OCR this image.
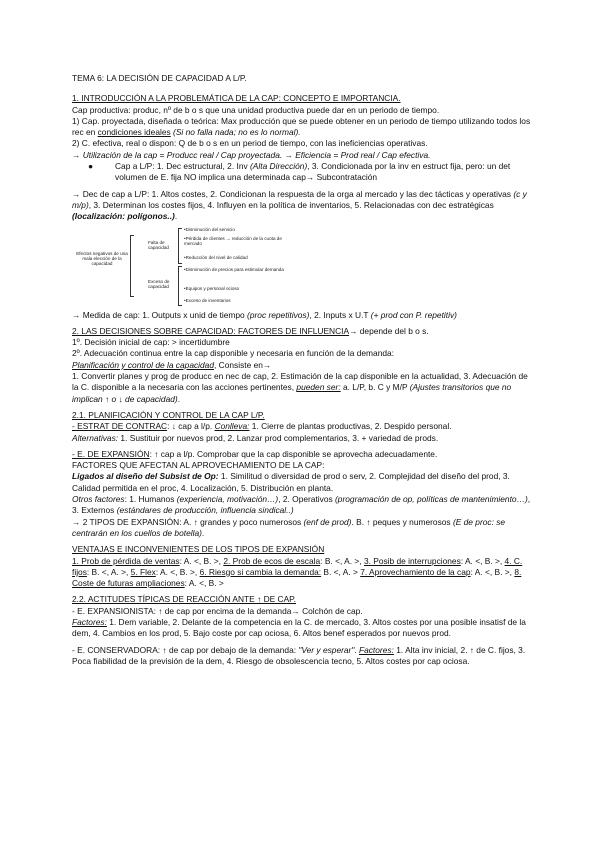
TEMA 6: LA DECISIÓN DE CAPACIDAD A L/P.

1. INTRODUCCIÓN A LA PROBLEMÁTICA DE LA CAP: CONCEPTO E IMPORTANCIA.

Cap productiva: produc, nº de b o s que una unidad productiva puede dar en un periodo de tiempo.

1) Cap. proyectada, diseñada o teórica: Max producción que se puede obtener en un periodo de tiempo utilizando todos los rec en condiciones ideales (Si no falla nada; no es lo normal).

2) C. efectiva, real o dispon: Q de b o s en un period de tiempo, con las ineficiencias operativas.

→ Utilización de la cap = Producc real / Cap proyectada. → Eficiencia = Prod real / Cap efectiva.

●	Cap a L/P: 1. Dec estructural, 2. Inv (Alta Dirección), 3. Condicionada por la inv en estruct fija, pero: un det volumen de E. fija NO implica una determinada cap→ Subcontratación

→ Dec de cap a L/P: 1. Altos costes, 2. Condicionan la respuesta de la orga al mercado y las dec tácticas y operativas (c y m/p), 3. Determinan los costes fijos, 4. Influyen en la política de inventarios, 5. Relacionadas con dec estratégicas (localización: polígonos..).

Efectos negativos de una mala elección de la capacidad
Falta de capacidad
•Disminución del servicio
•Pérdida de clientes → reducción de la cuota de mercado
•Reducción del nivel de calidad
Exceso de capacidad
•Disminución de precios para estimular demanda
•Equipos y personal ocioso
•Exceso de inventarios

→ Medida de cap: 1. Outputs x unid de tiempo (proc repetitivos), 2. Inputs x U.T (+ prod con P. repetitiv)

2. LAS DECISIONES SOBRE CAPACIDAD: FACTORES DE INFLUENCIA→ depende del b o s.

1º. Decisión inicial de cap: > incertidumbre

2º. Adecuación continua entre la cap disponible y necesaria en función de la demanda:

Planificación y control de la capacidad, Consiste en→

1. Convertir planes y prog de producc en nec de cap, 2. Estimación de la cap disponible en la actualidad, 3. Adecuación de la C. disponible a la necesaria con las acciones pertinentes, pueden ser: a. L/P, b. C y M/P (Ajustes transitorios que no implican ↑ o ↓ de capacidad).

2.1. PLANIFICACIÓN Y CONTROL DE LA CAP L/P.

- ESTRAT DE CONTRAC: ↓ cap a l/p. Conlleva: 1. Cierre de plantas productivas, 2. Despido personal.

Alternativas: 1. Sustituir por nuevos prod, 2. Lanzar prod complementarios, 3. + variedad de prods.

- E. DE EXPANSIÓN: ↑ cap a l/p. Comprobar que la cap disponible se aprovecha adecuadamente.

FACTORES QUE AFECTAN AL APROVECHAMIENTO DE LA CAP:

Ligados al diseño del Subsist de Op: 1. Similitud o diversidad de prod o serv, 2. Complejidad del diseño del prod, 3. Calidad permitida en el proc, 4. Localización, 5. Distribución en planta.

Otros factores: 1. Humanos (experiencia, motivación…), 2. Operativos (programación de op, políticas de mantenimiento…), 3. Externos (estándares de producción, influencia sindical..)

→ 2 TIPOS DE EXPANSIÓN: A. ↑ grandes y poco numerosos (enf de prod). B. ↑ peques y numerosos (E de proc: se centrarán en los cuellos de botella).

VENTAJAS E INCONVENIENTES DE LOS TIPOS DE EXPANSIÓN

1. Prob de pérdida de ventas: A. <, B. >, 2. Prob de ecos de escala: B. <, A. >, 3. Posib de interrupciones: A. <, B. >, 4. C. fijos: B. <, A. >, 5. Flex: A. <, B. >, 6. Riesgo si cambia la demanda: B. <, A. > 7. Aprovechamiento de la cap: A. <, B. >, 8. Coste de futuras ampliaciones: A. <, B. >

2.2. ACTITUDES TÍPICAS DE REACCIÓN ANTE ↑ DE CAP.

- E. EXPANSIONISTA: ↑ de cap por encima de la demanda→ Colchón de cap.

Factores: 1. Dem variable, 2. Delante de la competencia en la C. de mercado, 3. Altos costes por una posible insatisf de la dem, 4. Cambios en los prod, 5. Bajo coste por cap ociosa, 6. Altos benef esperados por nuevos prod.

- E. CONSERVADORA: ↑ de cap por debajo de la demanda: "Ver y esperar". Factores: 1. Alta inv inicial, 2. ↑ de C. fijos, 3. Poca fiabilidad de la previsión de la dem, 4. Riesgo de obsolescencia tecno, 5. Altos costes por cap ociosa.
